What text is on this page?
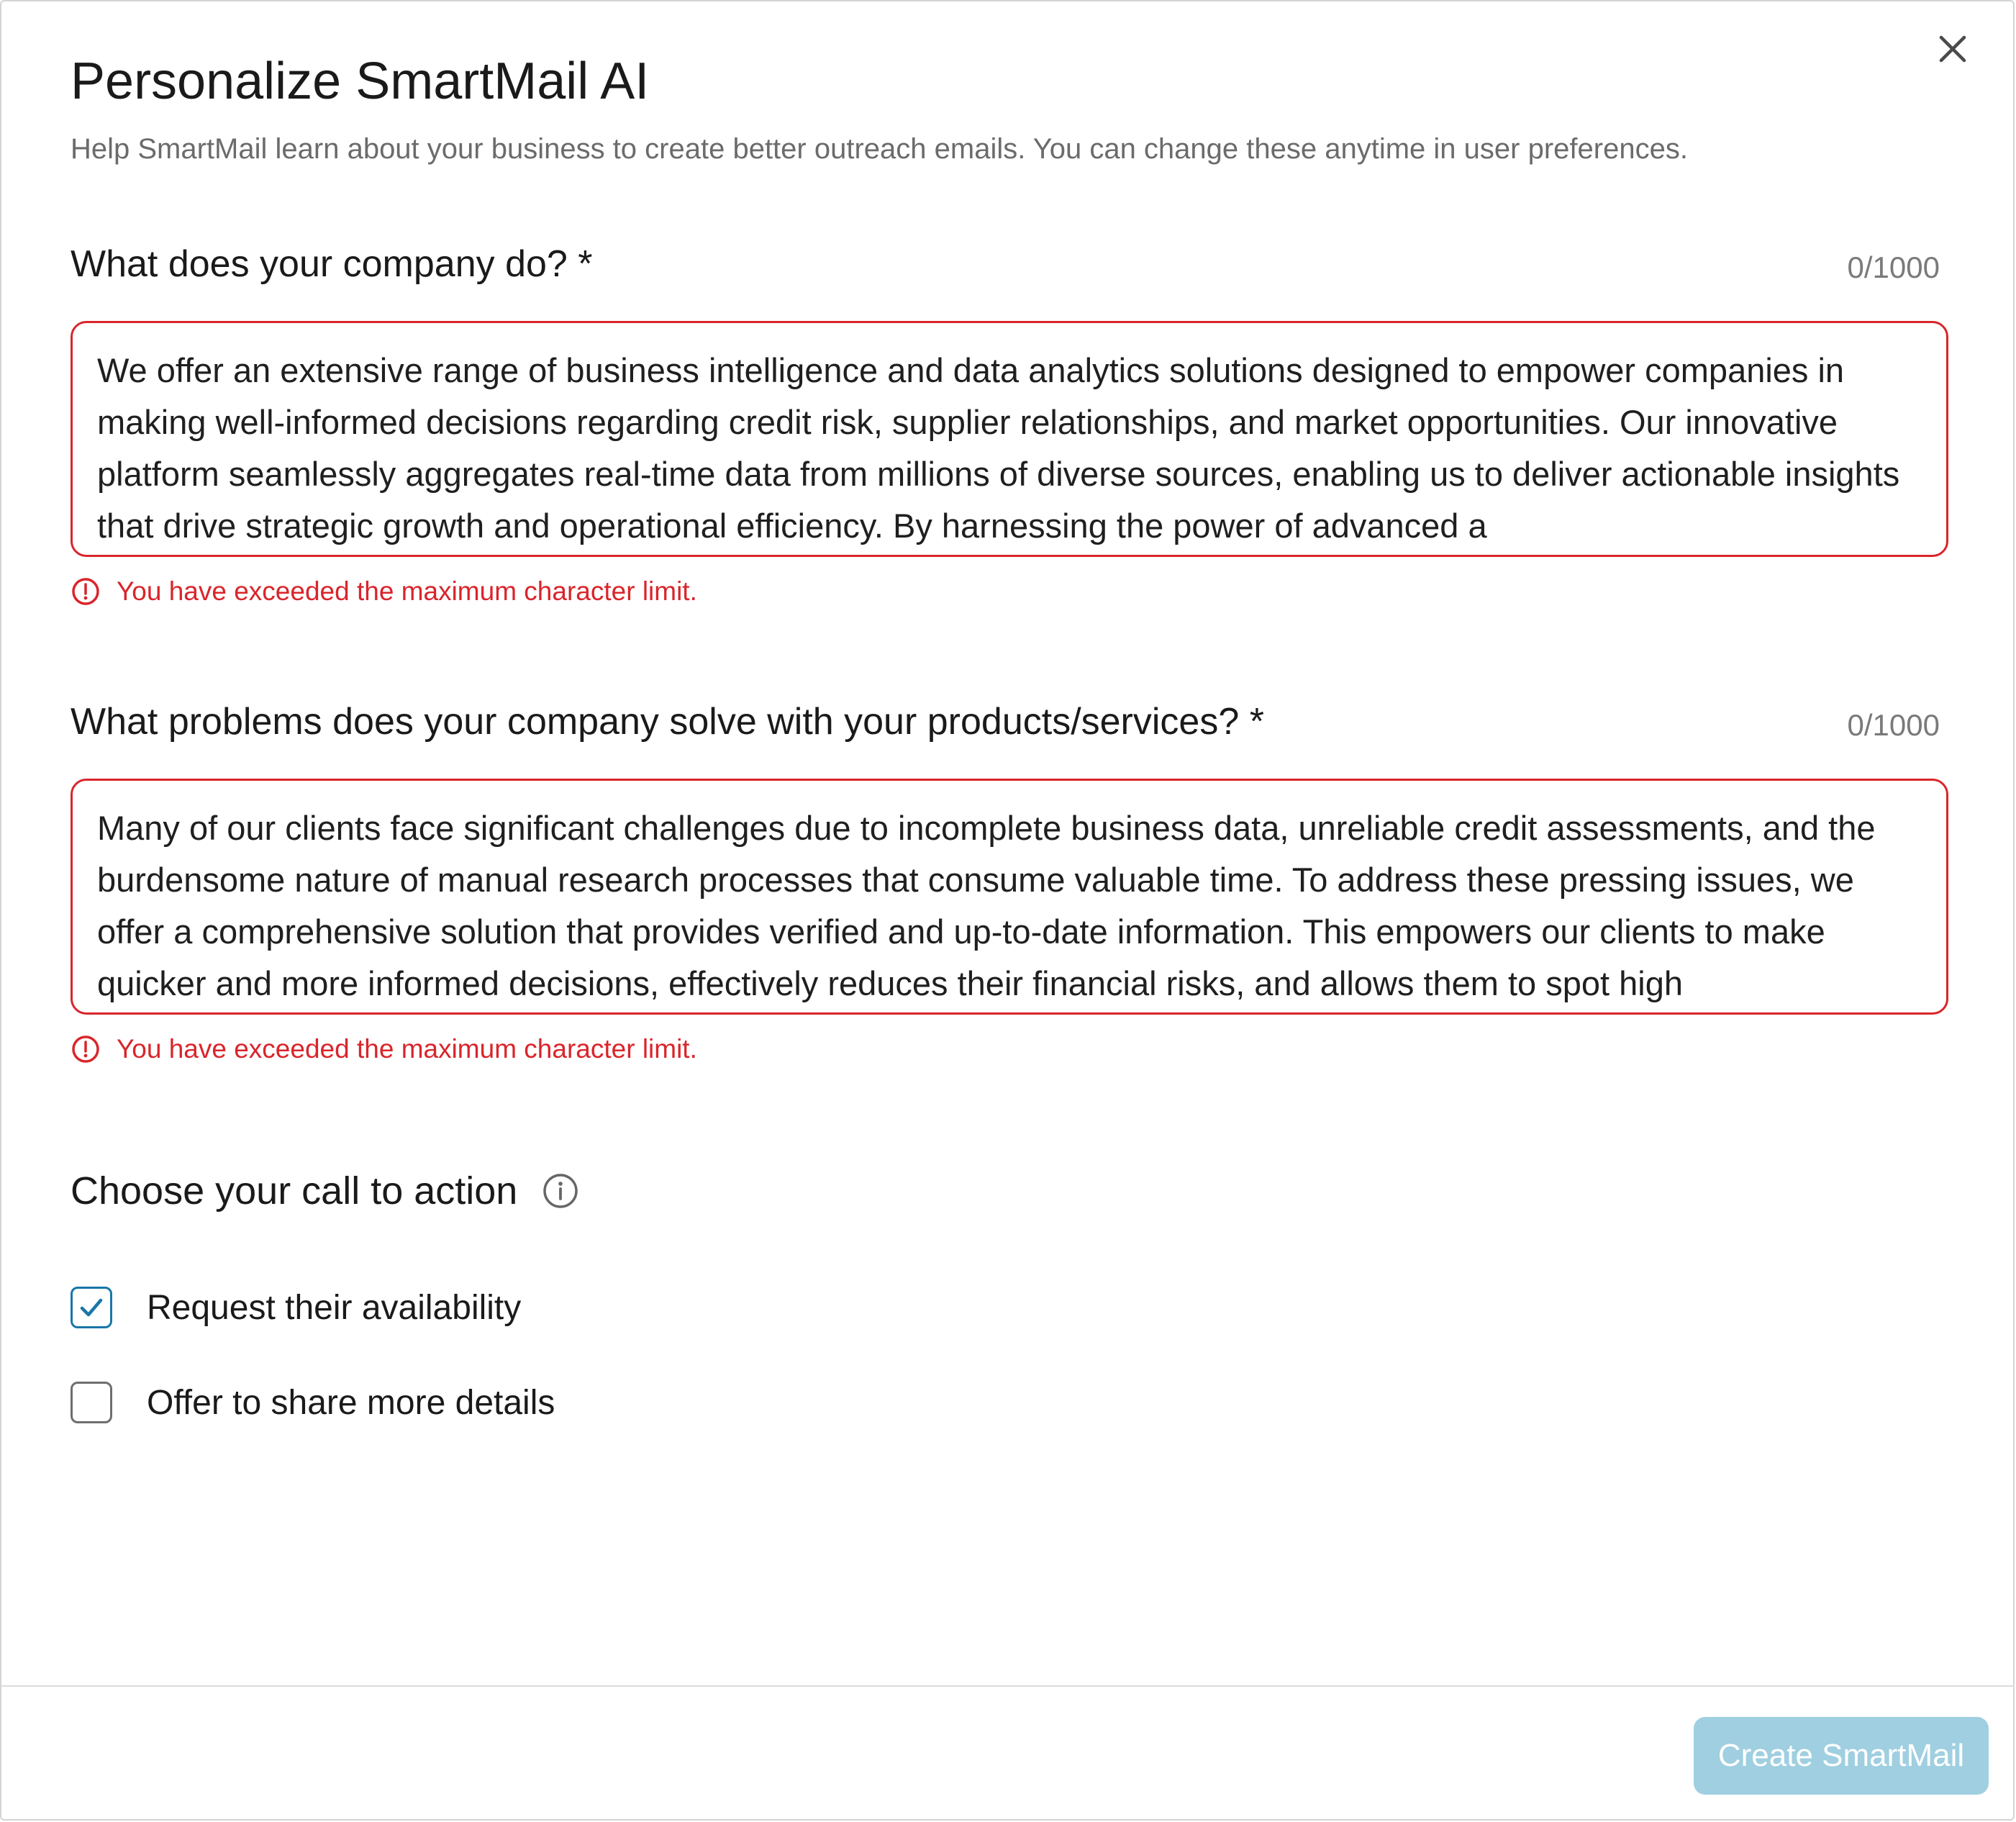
Personalize SmartMail AI
Help SmartMail learn about your business to create better outreach emails. You can change these anytime in user preferences.
What does your company do? *	0/1000
We offer an extensive range of business intelligence and data analytics solutions designed to empower companies in making well-informed decisions regarding credit risk, supplier relationships, and market opportunities. Our innovative platform seamlessly aggregates real-time data from millions of diverse sources, enabling us to deliver actionable insights that drive strategic growth and operational efficiency. By harnessing the power of advanced a
You have exceeded the maximum character limit.
What problems does your company solve with your products/services? *	0/1000
Many of our clients face significant challenges due to incomplete business data, unreliable credit assessments, and the burdensome nature of manual research processes that consume valuable time. To address these pressing issues, we offer a comprehensive solution that provides verified and up-to-date information. This empowers our clients to make quicker and more informed decisions, effectively reduces their financial risks, and allows them to spot high
You have exceeded the maximum character limit.
Choose your call to action
Request their availability
Offer to share more details
Create SmartMail
